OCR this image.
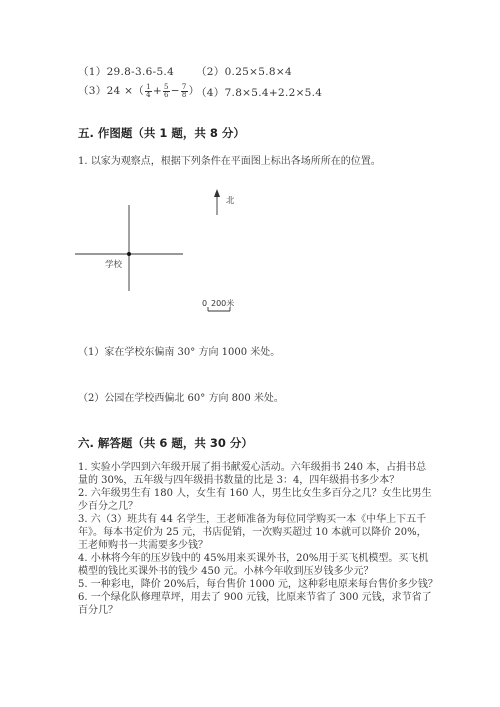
（1）29.8-3.6-5.4 （2）0.25×5.8×4
（3）24 ×（ $\frac{1}{4} + \frac{5}{6} - \frac{7}{8}$ ）
（4）7.8×5.4+2.2×5.4
五. 作图题（共 1 题，共 8 分）
1. 以家为观察点，根据下列条件在平面图上标出各场所所在的位置。
学校
北
0 200米
（1）家在学校东偏南 30° 方向 1000 米处。
（2）公园在学校西偏北 60° 方向 800 米处。
六. 解答题（共 6 题，共 30 分）
1. 实验小学四到六年级开展了捐书献爱心活动。六年级捐书 240 本，占捐书总
量的 30%，五年级与四年级捐书数量的比是 3：4，四年级捐书多少本？
2. 六年级男生有 180 人，女生有 160 人，男生比女生多百分之几？女生比男生
少百分之几？
3. 六（3）班共有 44 名学生，王老师准备为每位同学购买一本《中华上下五千
年》。每本书定价为 25 元，书店促销，一次购买超过 10 本就可以降价 20%，
王老师购书一共需要多少钱？
4. 小林将今年的压岁钱中的 45%用来买课外书，20%用于买飞机模型。买飞机
模型的钱比买课外书的钱少 450 元。小林今年收到压岁钱多少元？
5. 一种彩电，降价 20%后，每台售价 1000 元，这种彩电原来每台售价多少钱？
6. 一个绿化队修理草坪，用去了 900 元钱，比原来节省了 300 元钱，求节省了
百分几？
